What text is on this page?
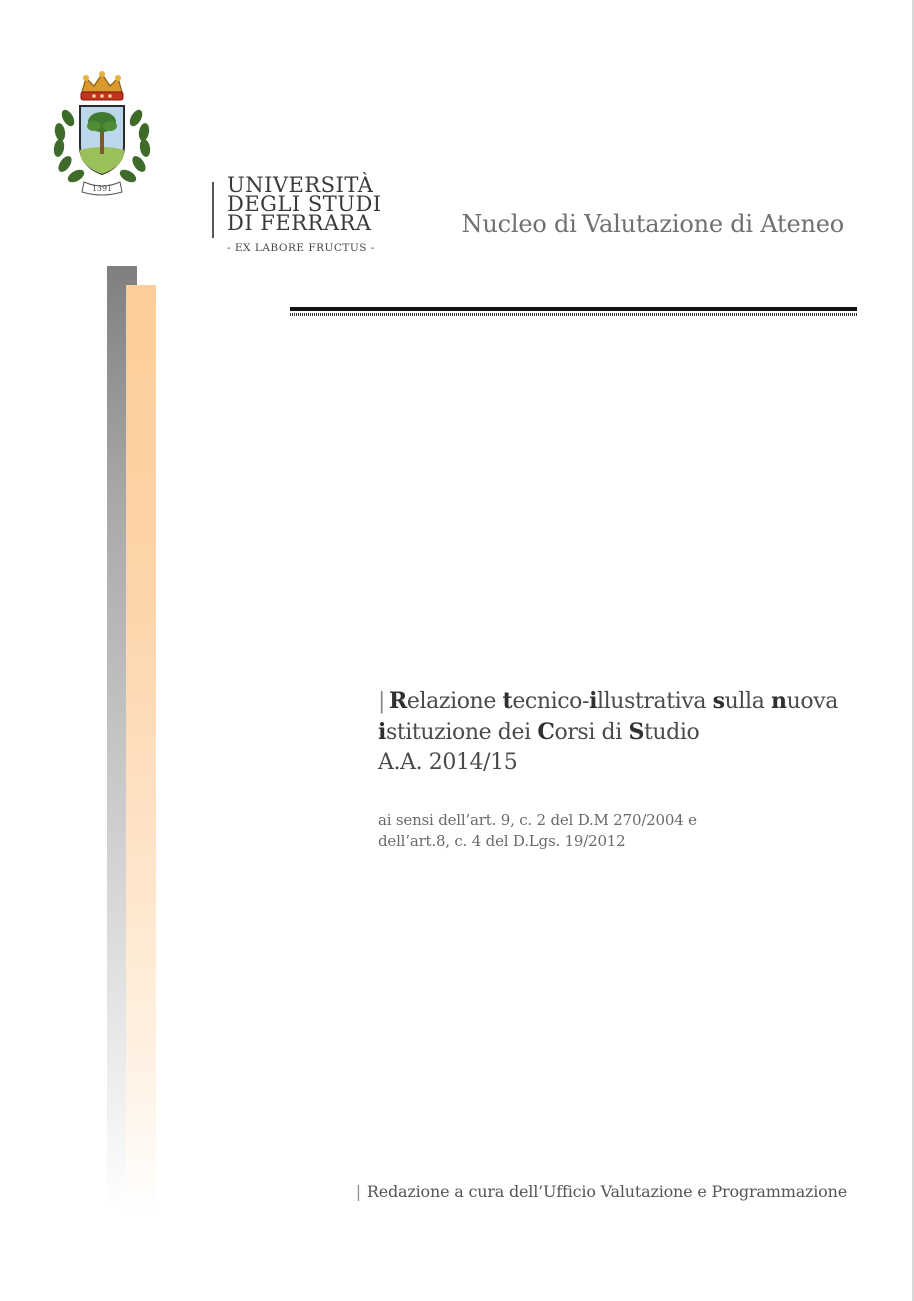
1391	UNIVERSITÀ
DEGLI STUDI
DI FERRARA
- EX LABORE FRUCTUS -
Nucleo di Valutazione di Ateneo
| Relazione tecnico-illustrativa sulla nuova
istituzione dei Corsi di Studio
A.A. 2014/15
ai sensi dell’art. 9, c. 2 del D.M 270/2004 e
dell’art.8, c. 4 del D.Lgs. 19/2012
| Redazione a cura dell’Ufficio Valutazione e Programmazione
